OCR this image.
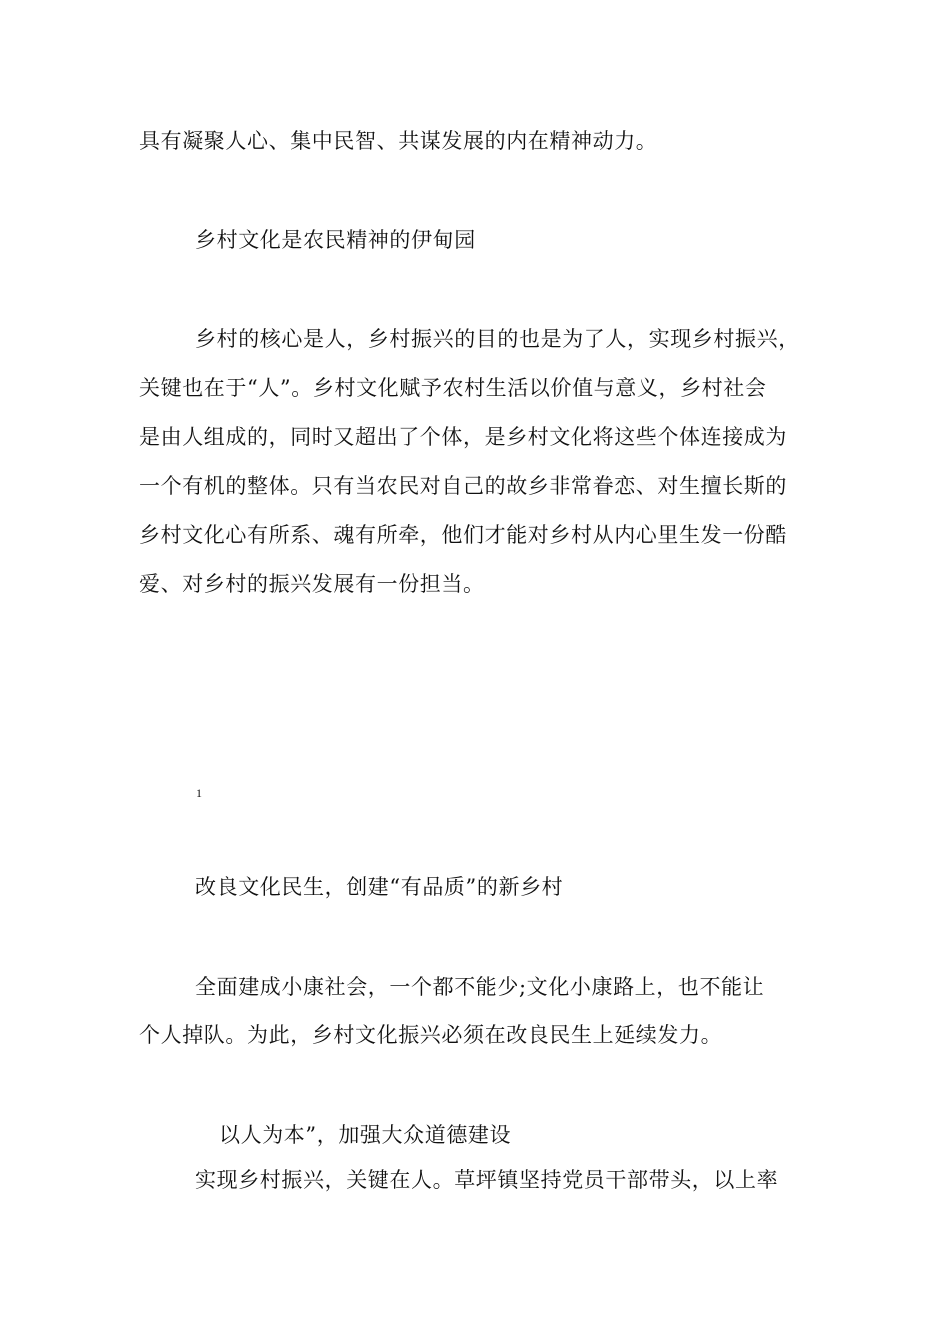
具有凝聚人心、集中民智、共谋发展的内在精神动力。
乡村文化是农民精神的伊甸园
乡村的核心是人，乡村振兴的目的也是为了人，实现乡村振兴，
关键也在于“人”。乡村文化赋予农村生活以价值与意义，乡村社会
是由人组成的，同时又超出了个体，是乡村文化将这些个体连接成为
一个有机的整体。只有当农民对自己的故乡非常眷恋、对生擅长斯的
乡村文化心有所系、魂有所牵，他们才能对乡村从内心里生发一份酷
爱、对乡村的振兴发展有一份担当。
1
改良文化民生，创建“有品质”的新乡村
全面建成小康社会，一个都不能少;文化小康路上，也不能让
个人掉队。为此，乡村文化振兴必须在改良民生上延续发力。
以人为本”，加强大众道德建设
实现乡村振兴，关键在人。草坪镇坚持党员干部带头，以上率
